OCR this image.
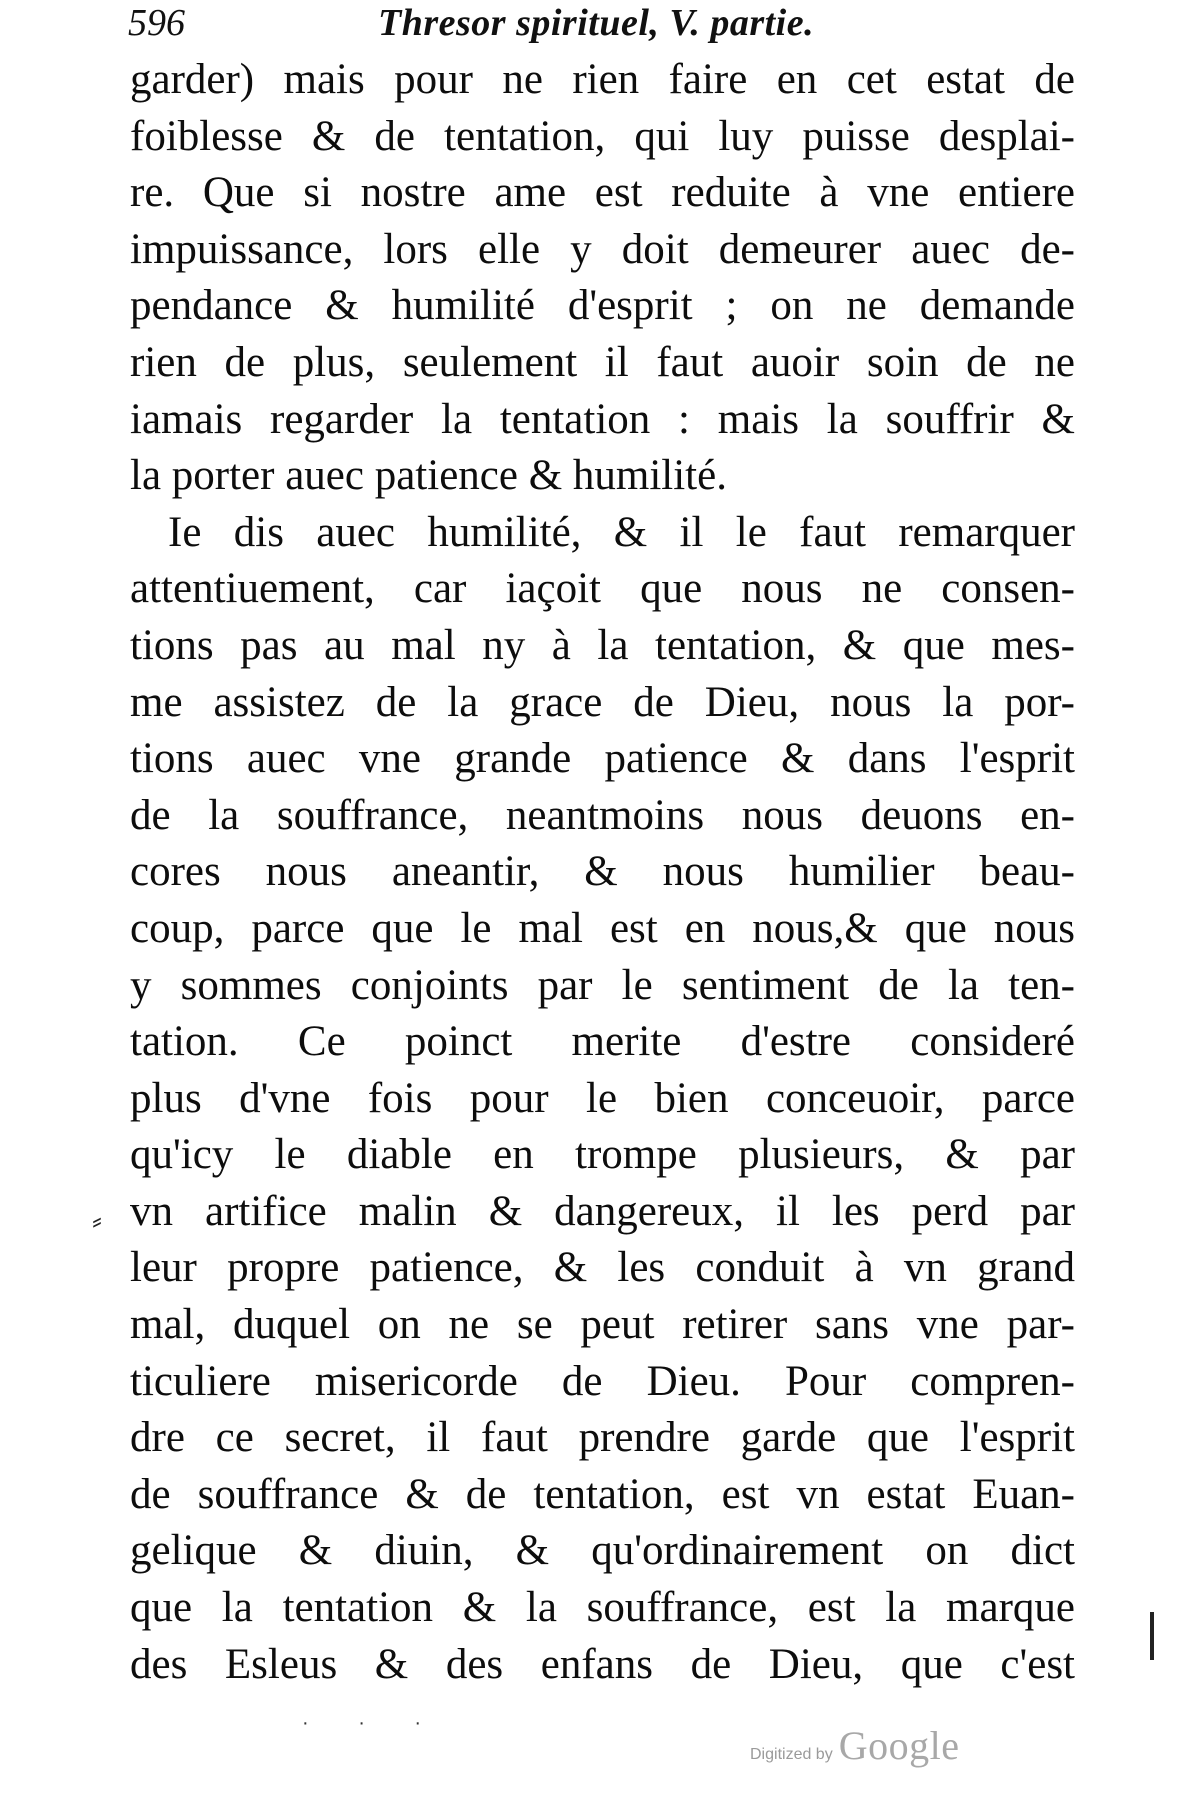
596	Thresor spirituel, V. partie.
garder) mais pour ne rien faire en cet estat de
foiblesse & de tentation, qui luy puisse desplai-
re. Que si nostre ame est reduite à vne entiere
impuissance, lors elle y doit demeurer auec de-
pendance & humilité d'esprit ; on ne demande
rien de plus, seulement il faut auoir soin de ne
iamais regarder la tentation : mais la souffrir &
la porter auec patience & humilité.
Ie dis auec humilité, & il le faut remarquer
attentiuement, car iaçoit que nous ne consen-
tions pas au mal ny à la tentation, & que mes-
me assistez de la grace de Dieu, nous la por-
tions auec vne grande patience & dans l'esprit
de la souffrance, neantmoins nous deuons en-
cores nous aneantir, & nous humilier beau-
coup, parce que le mal est en nous,& que nous
y sommes conjoints par le sentiment de la ten-
tation. Ce poinct merite d'estre consideré
plus d'vne fois pour le bien conceuoir, parce
qu'icy le diable en trompe plusieurs, & par
vn artifice malin & dangereux, il les perd par
leur propre patience, & les conduit à vn grand
mal, duquel on ne se peut retirer sans vne par-
ticuliere misericorde de Dieu. Pour compren-
dre ce secret, il faut prendre garde que l'esprit
de souffrance & de tentation, est vn estat Euan-
gelique & diuin, & qu'ordinairement on dict
que la tentation & la souffrance, est la marque
des Esleus & des enfans de Dieu, que c'est
⸗
· · ·
Digitized by Google
